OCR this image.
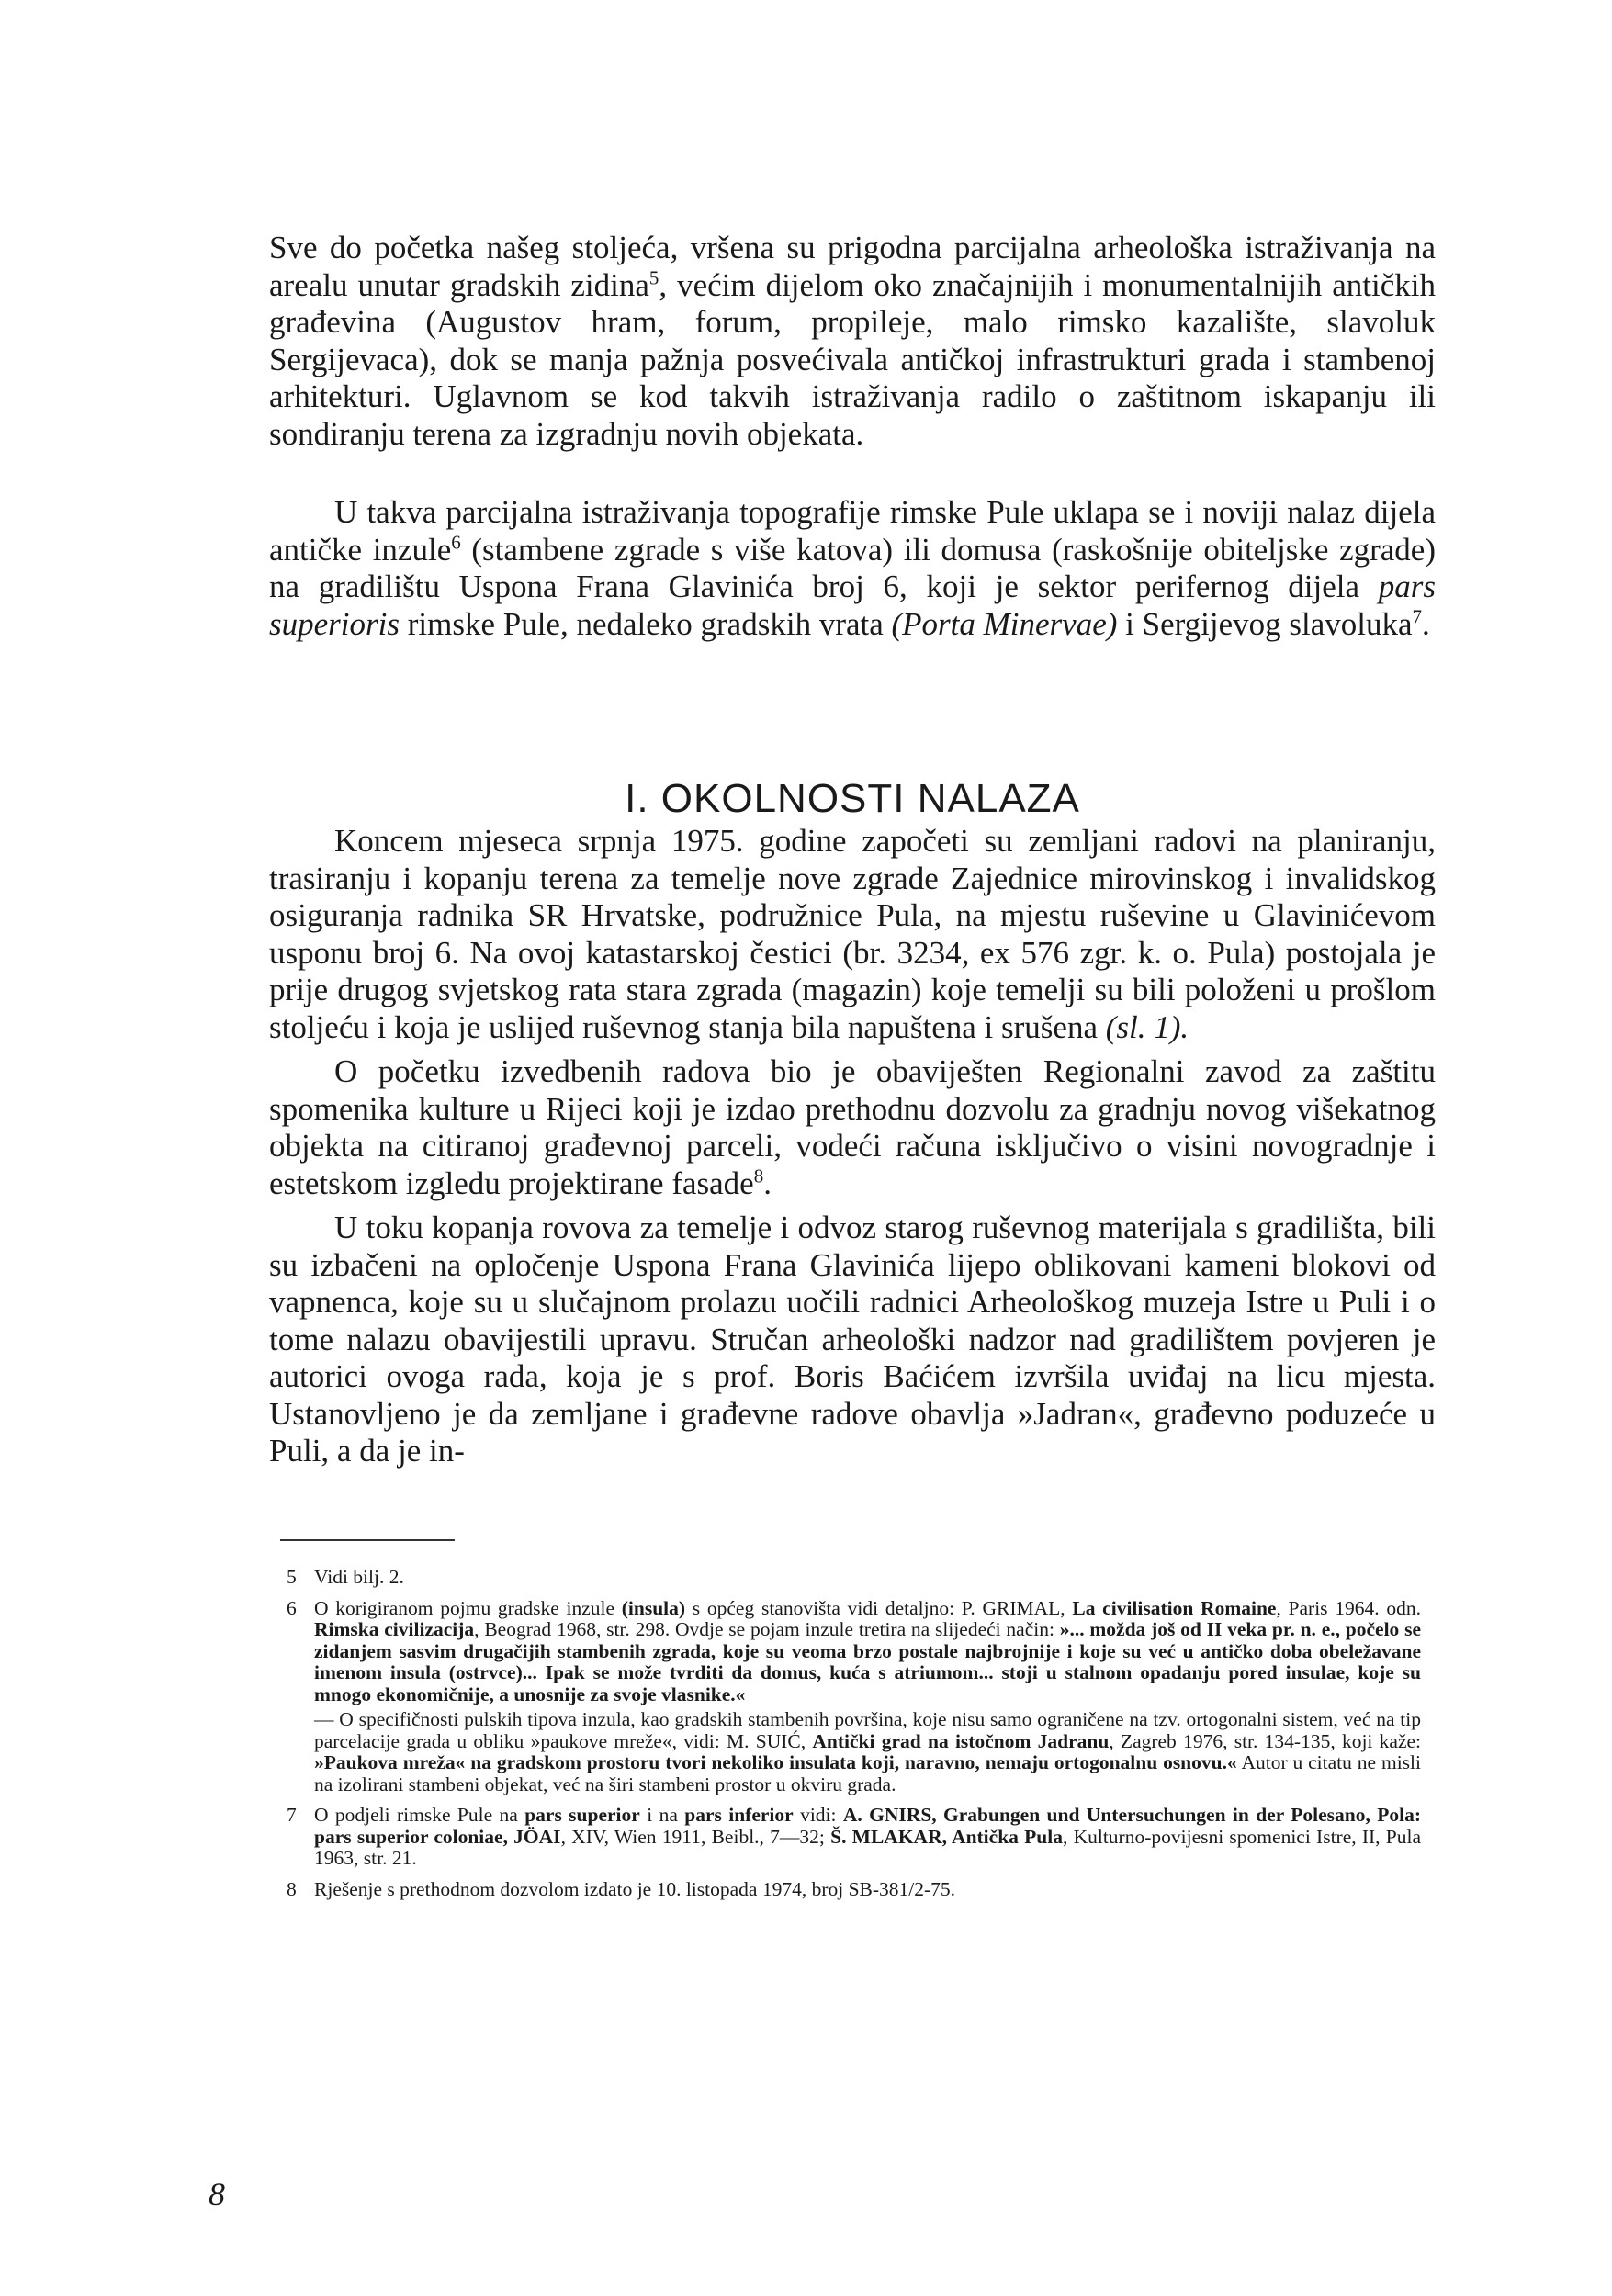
Sve do početka našeg stoljeća, vršena su prigodna parcijalna arheološka istraživanja na arealu unutar gradskih zidina$^5$, većim dijelom oko značajnijih i monumentalnijih antičkih građevina (Augustov hram, forum, propileje, malo rimsko kazalište, slavoluk Sergijevaca), dok se manja pažnja posvećivala antičkoj infrastrukturi grada i stambenoj arhitekturi. Uglavnom se kod takvih istraživanja radilo o zaštitnom iskapanju ili sondiranju terena za izgradnju novih objekata.

U takva parcijalna istraživanja topografije rimske Pule uklapa se i noviji nalaz dijela antičke inzule$^6$ (stambene zgrade s više katova) ili domusa (raskošnije obiteljske zgrade) na gradilištu Uspona Frana Glavinića broj 6, koji je sektor perifernog dijela pars superioris rimske Pule, nedaleko gradskih vrata (Porta Minervae) i Sergijevog slavoluka$^7$.

I. OKOLNOSTI NALAZA

Koncem mjeseca srpnja 1975. godine započeti su zemljani radovi na planiranju, trasiranju i kopanju terena za temelje nove zgrade Zajednice mirovinskog i invalidskog osiguranja radnika SR Hrvatske, podružnice Pula, na mjestu ruševine u Glavinićevom usponu broj 6. Na ovoj katastarskoj čestici (br. 3234, ex 576 zgr. k. o. Pula) postojala je prije drugog svjetskog rata stara zgrada (magazin) koje temelji su bili položeni u prošlom stoljeću i koja je uslijed ruševnog stanja bila napuštena i srušena (sl. 1).

O početku izvedbenih radova bio je obaviješten Regionalni zavod za zaštitu spomenika kulture u Rijeci koji je izdao prethodnu dozvolu za gradnju novog višekatnog objekta na citiranoj građevnoj parceli, vodeći računa isključivo o visini novogradnje i estetskom izgledu projektirane fasade$^8$.

U toku kopanja rovova za temelje i odvoz starog ruševnog materijala s gradilišta, bili su izbačeni na opločenje Uspona Frana Glavinića lijepo oblikovani kameni blokovi od vapnenca, koje su u slučajnom prolazu uočili radnici Arheološkog muzeja Istre u Puli i o tome nalazu obavijestili upravu. Stručan arheološki nadzor nad gradilištem povjeren je autorici ovoga rada, koja je s prof. Boris Baćićem izvršila uviđaj na licu mjesta. Ustanovljeno je da zemljane i građevne radove obavlja »Jadran«, građevno poduzeće u Puli, a da je in-

5 Vidi bilj. 2.

6 O korigiranom pojmu gradske inzule (insula) s općeg stanovišta vidi detaljno: P. GRIMAL, La civilisation Romaine, Paris 1964. odn. Rimska civilizacija, Beograd 1968, str. 298. Ovdje se pojam inzule tretira na slijedeći način: »... možda još od II veka pr. n. e., počelo se zidanjem sasvim drugačijih stambenih zgrada, koje su veoma brzo postale najbrojnije i koje su već u antičko doba obeležavane imenom insula (ostrvce)... Ipak se može tvrditi da domus, kuća s atriumom... stoji u stalnom opadanju pored insulae, koje su mnogo ekonomičnije, a unosnije za svoje vlasnike.«

— O specifičnosti pulskih tipova inzula, kao gradskih stambenih površina, koje nisu samo ograničene na tzv. ortogonalni sistem, već na tip parcelacije grada u obliku »paukove mreže«, vidi: M. SUIĆ, Antički grad na istočnom Jadranu, Zagreb 1976, str. 134-135, koji kaže: »Paukova mreža« na gradskom prostoru tvori nekoliko insulata koji, naravno, nemaju ortogonalnu osnovu.« Autor u citatu ne misli na izolirani stambeni objekat, već na širi stambeni prostor u okviru grada.

7 O podjeli rimske Pule na pars superior i na pars inferior vidi: A. GNIRS, Grabungen und Untersuchungen in der Polesano, Pola: pars superior coloniae, JÖAI, XIV, Wien 1911, Beibl., 7—32; Š. MLAKAR, Antička Pula, Kulturno-povijesni spomenici Istre, II, Pula 1963, str. 21.

8 Rješenje s prethodnom dozvolom izdato je 10. listopada 1974, broj SB-381/2-75.

8
